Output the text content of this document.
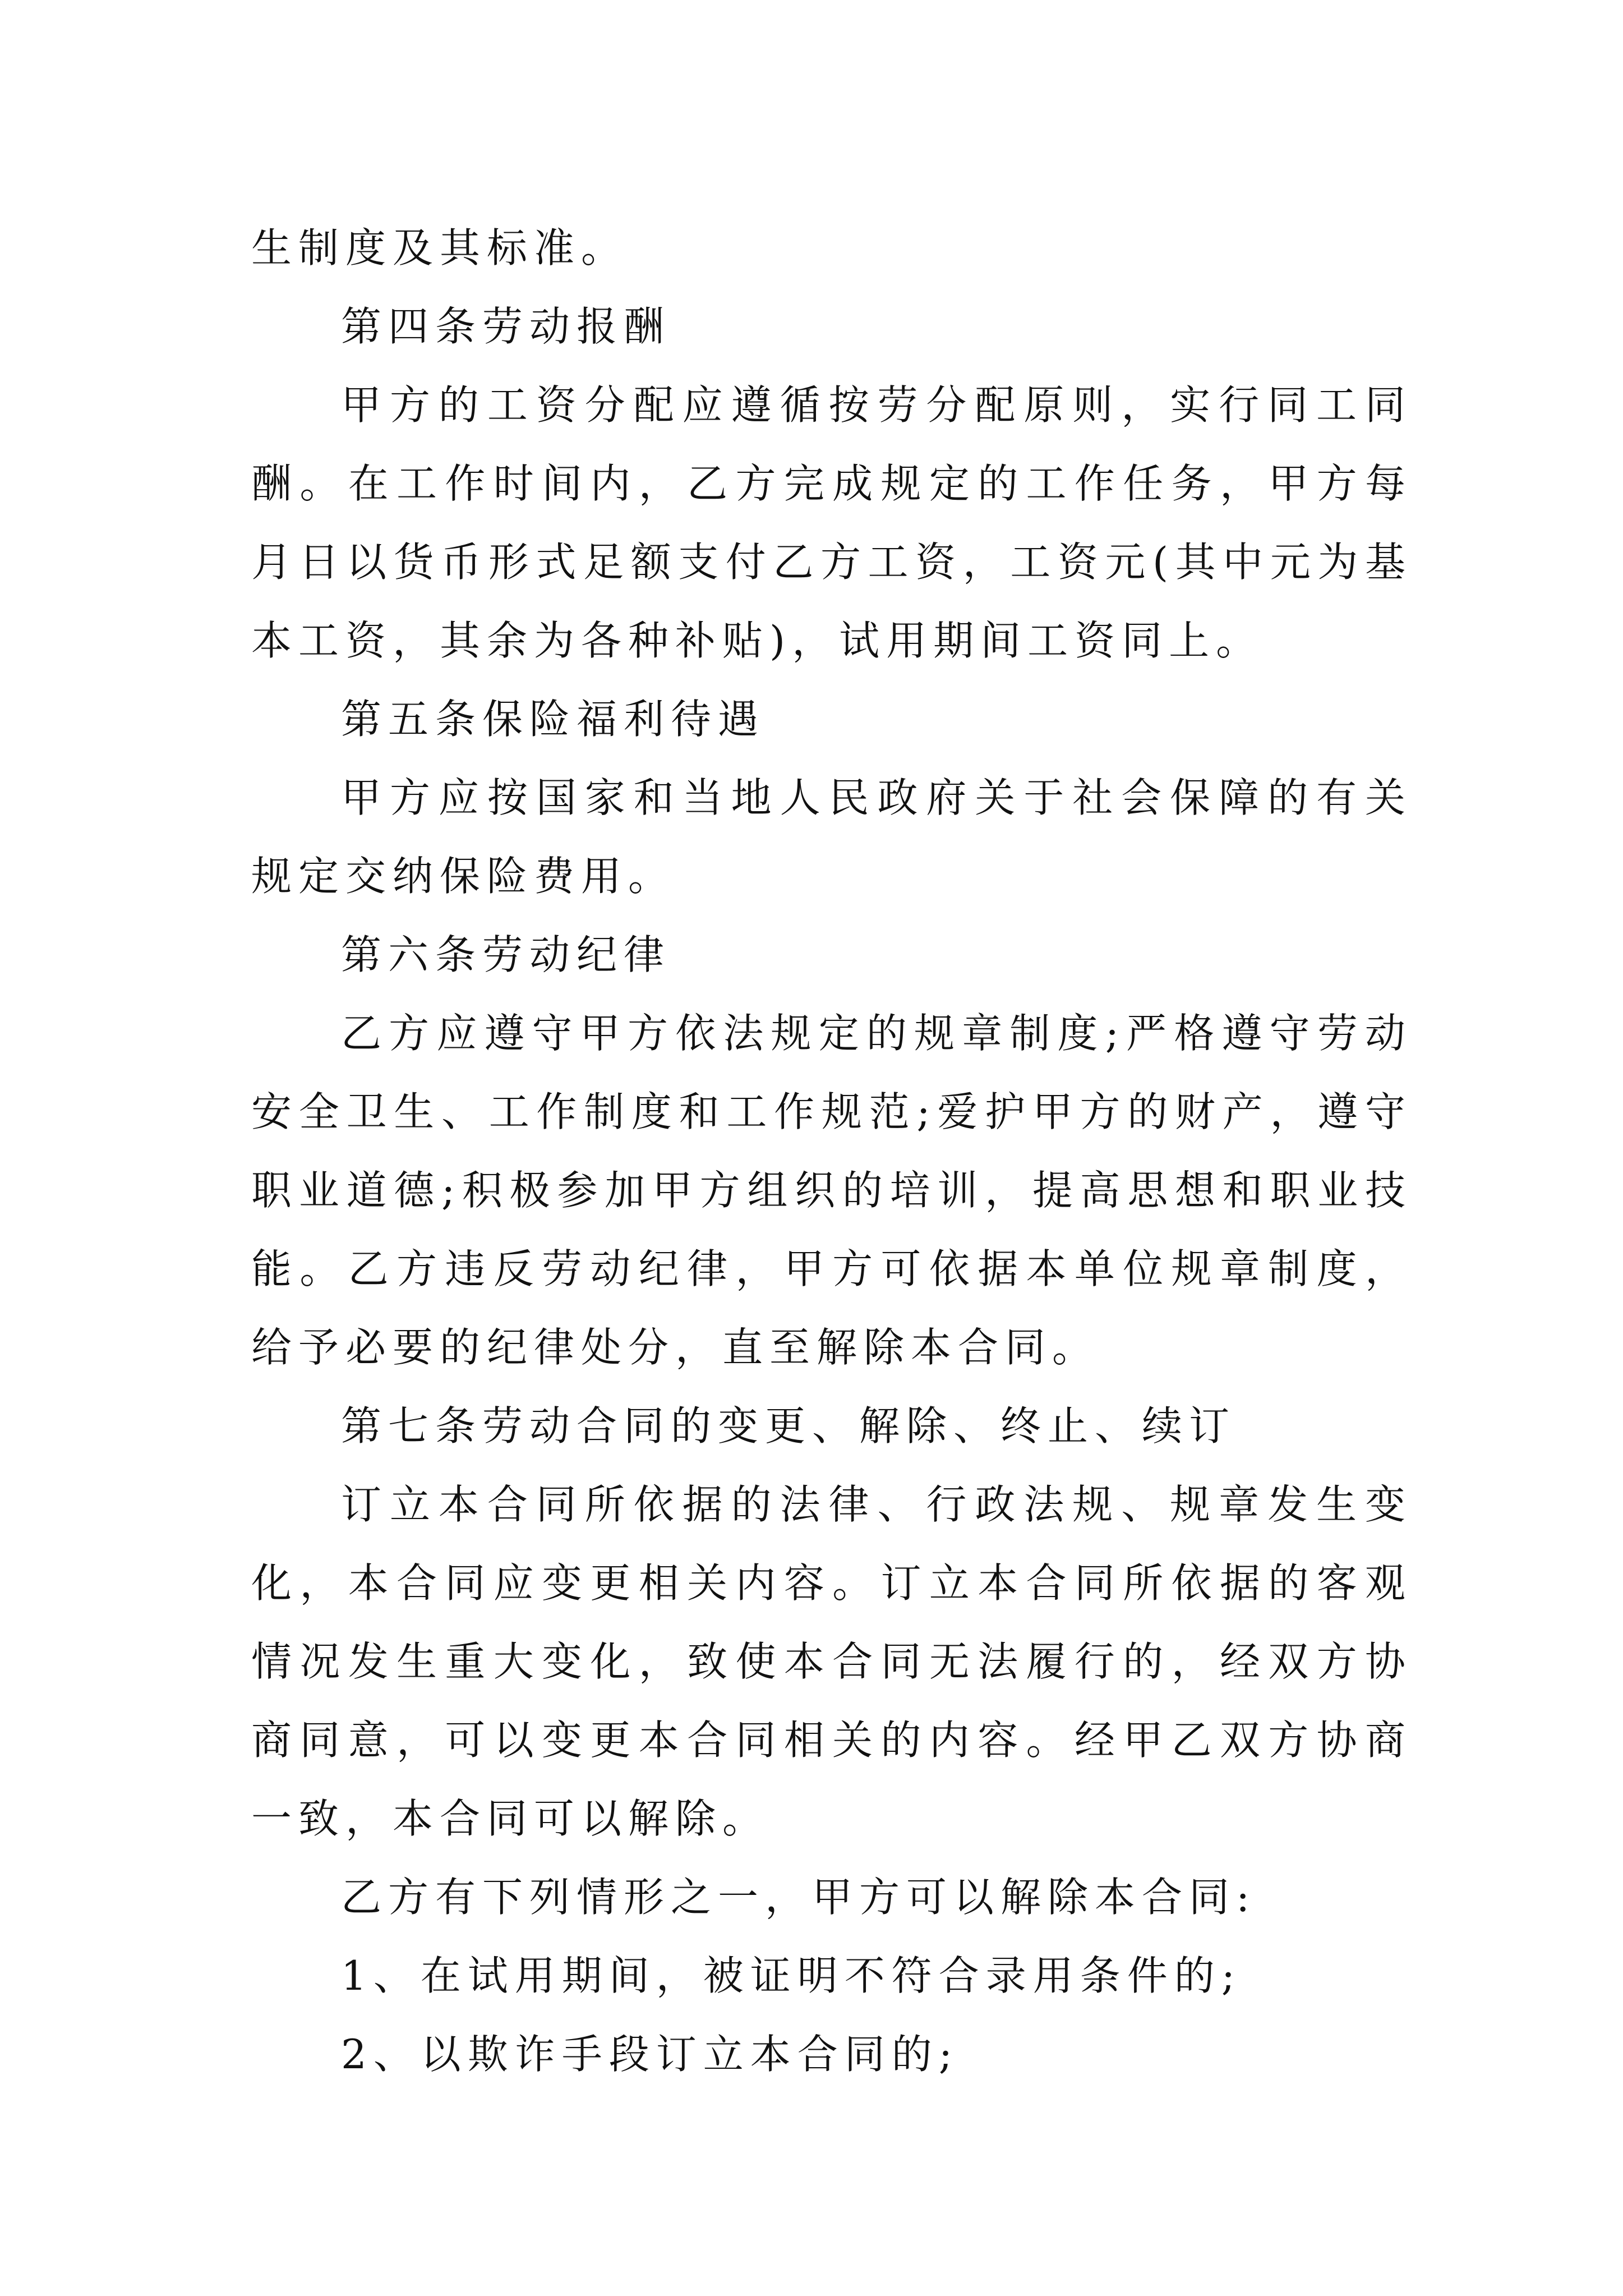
生制度及其标准。

第四条劳动报酬

甲方的工资分配应遵循按劳分配原则，实行同工同酬。在工作时间内，乙方完成规定的工作任务，甲方每月日以货币形式足额支付乙方工资，工资元(其中元为基本工资，其余为各种补贴)，试用期间工资同上。

第五条保险福利待遇

甲方应按国家和当地人民政府关于社会保障的有关规定交纳保险费用。

第六条劳动纪律

乙方应遵守甲方依法规定的规章制度;严格遵守劳动安全卫生、工作制度和工作规范;爱护甲方的财产，遵守职业道德;积极参加甲方组织的培训，提高思想和职业技能。乙方违反劳动纪律，甲方可依据本单位规章制度，给予必要的纪律处分，直至解除本合同。

第七条劳动合同的变更、解除、终止、续订

订立本合同所依据的法律、行政法规、规章发生变化，本合同应变更相关内容。订立本合同所依据的客观情况发生重大变化，致使本合同无法履行的，经双方协商同意，可以变更本合同相关的内容。经甲乙双方协商一致，本合同可以解除。

乙方有下列情形之一，甲方可以解除本合同:

1、在试用期间，被证明不符合录用条件的;

2、以欺诈手段订立本合同的;
